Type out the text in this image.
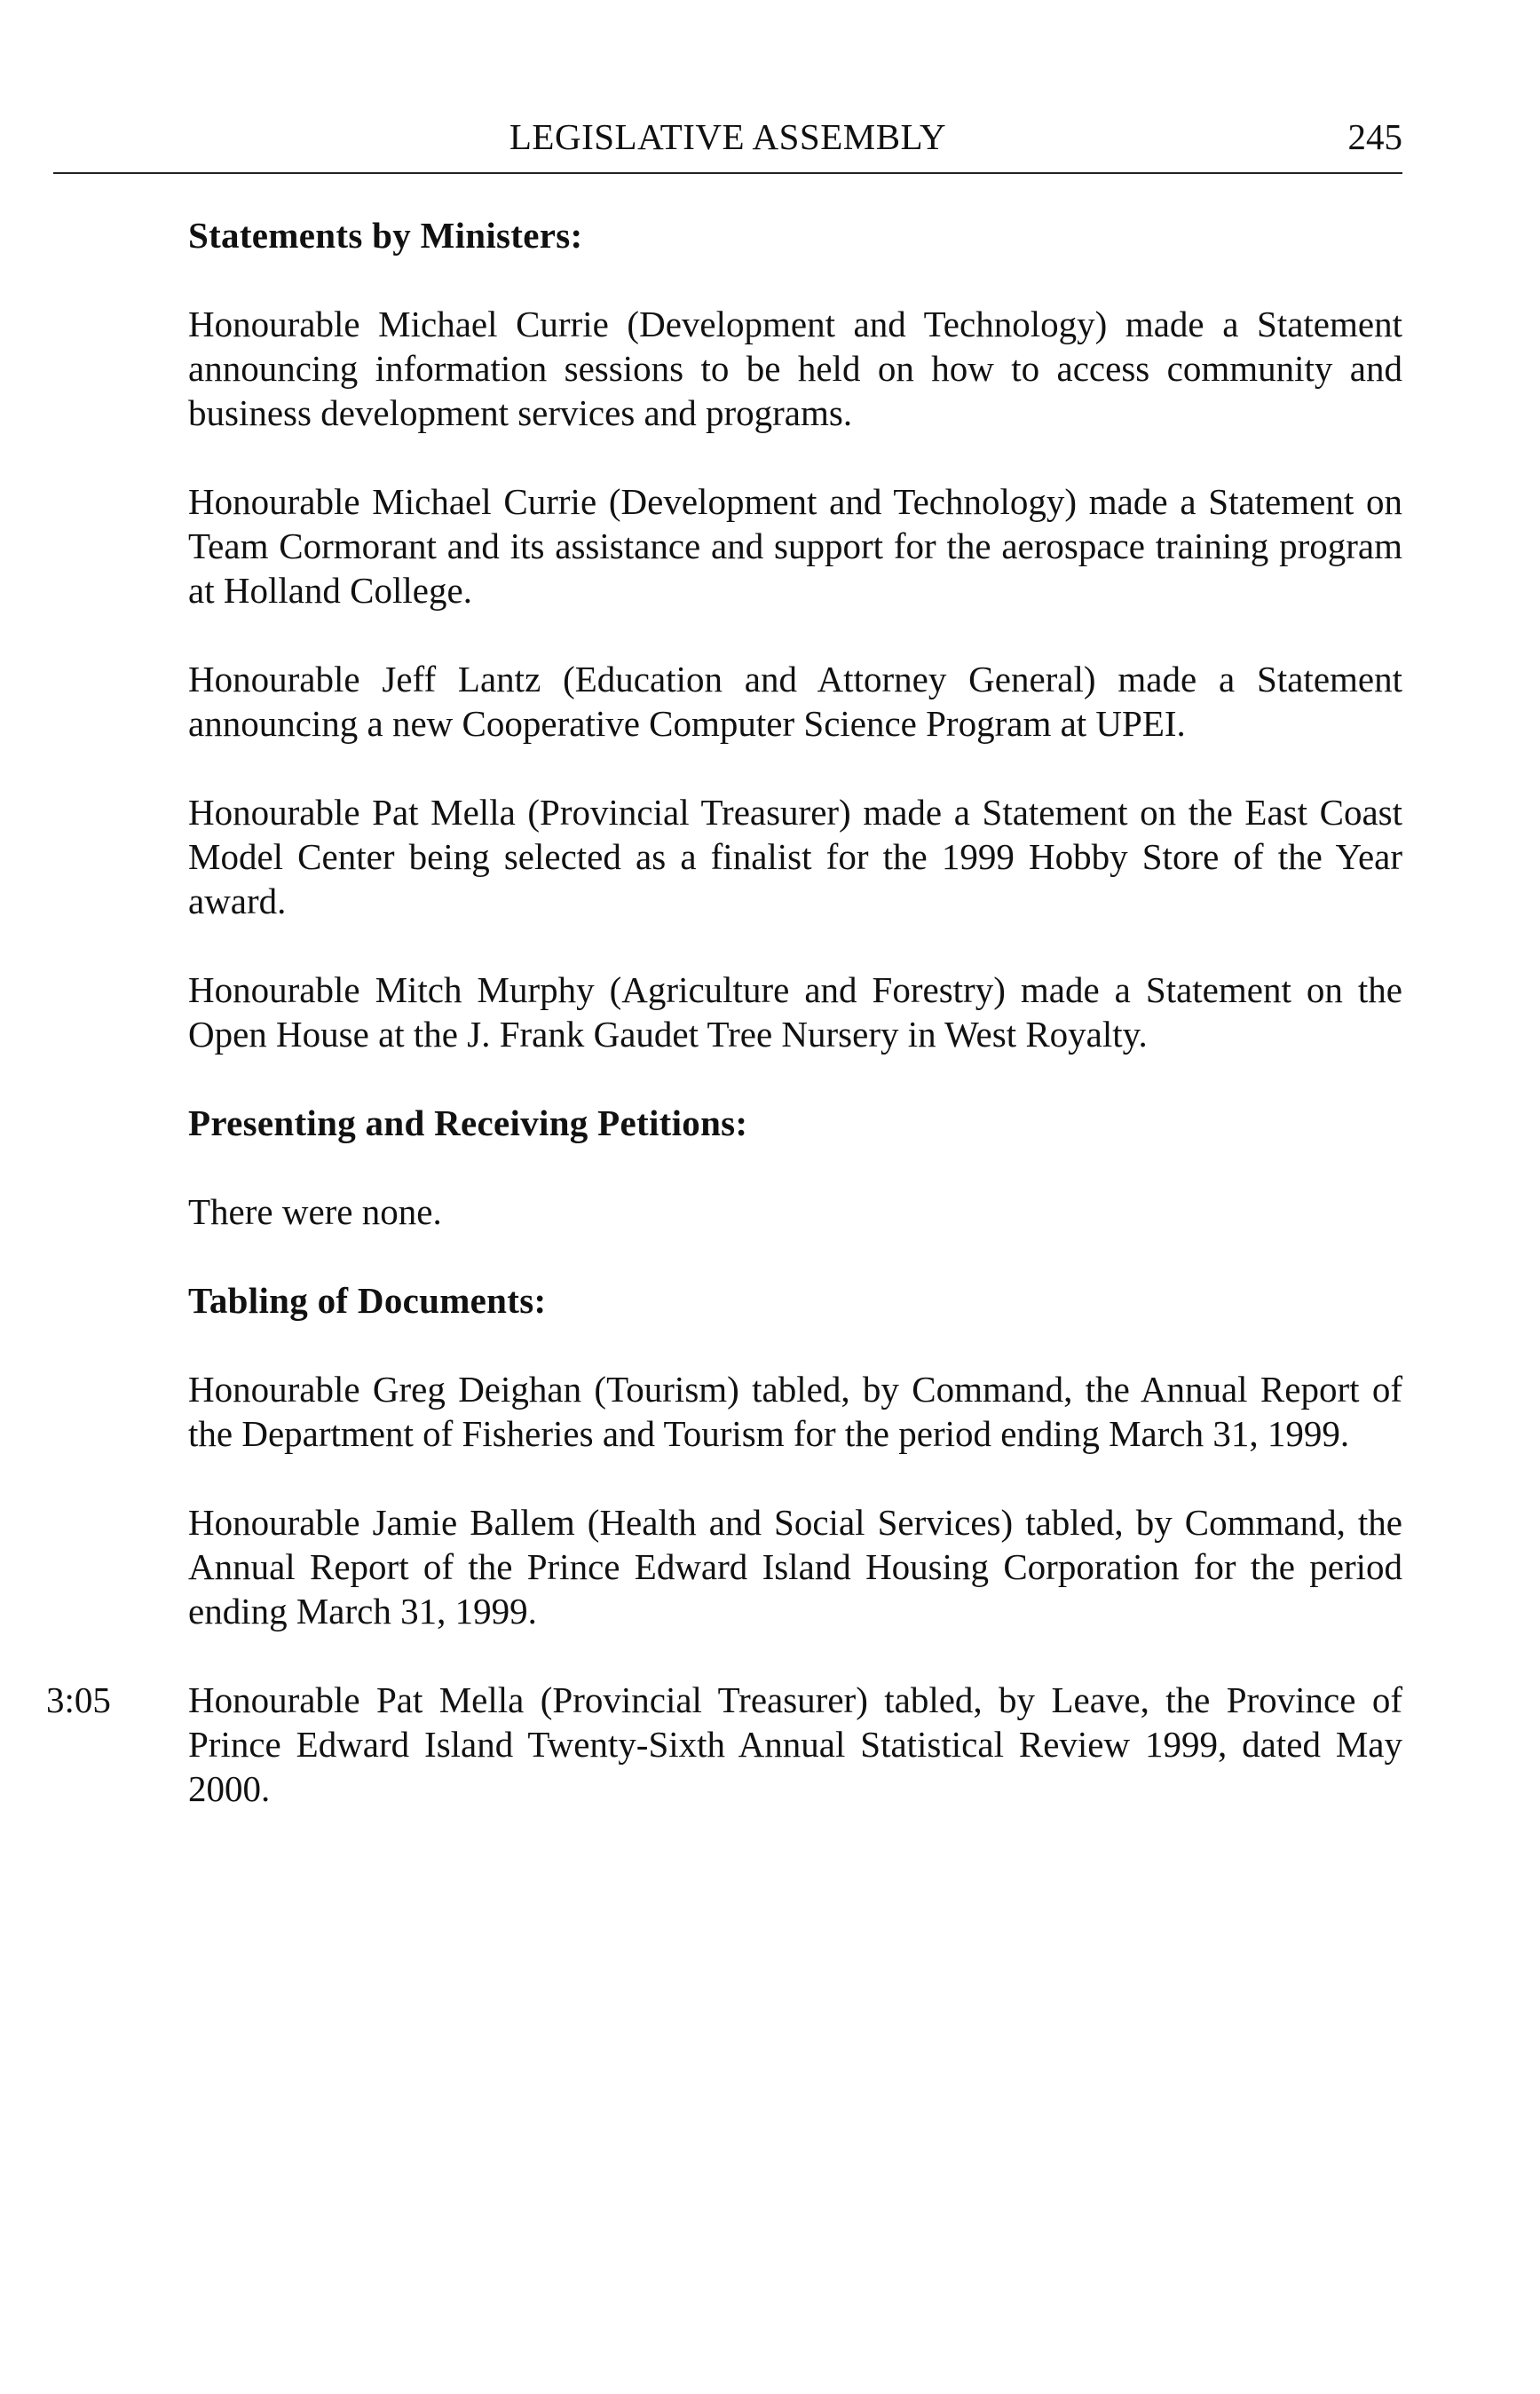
LEGISLATIVE ASSEMBLY	245
Statements by Ministers:

Honourable Michael Currie (Development and Technology) made a Statement announcing information sessions to be held on how to access community and business development services and programs.

Honourable Michael Currie (Development and Technology) made a Statement on Team Cormorant and its assistance and support for the aerospace training program at Holland College.

Honourable Jeff Lantz (Education and Attorney General) made a Statement announcing a new Cooperative Computer Science Program at UPEI.

Honourable Pat Mella (Provincial Treasurer) made a Statement on the East Coast Model Center being selected as a finalist for the 1999 Hobby Store of the Year award.

Honourable Mitch Murphy (Agriculture and Forestry) made a Statement on the Open House at the J. Frank Gaudet Tree Nursery in West Royalty.

Presenting and Receiving Petitions:

There were none.

Tabling of Documents:

Honourable Greg Deighan (Tourism) tabled, by Command, the Annual Report of the Department of Fisheries and Tourism for the period ending March 31, 1999.

Honourable Jamie Ballem (Health and Social Services) tabled, by Command, the Annual Report of the Prince Edward Island Housing Corporation for the period ending March 31, 1999.

3:05 Honourable Pat Mella (Provincial Treasurer) tabled, by Leave, the Province of Prince Edward Island Twenty-Sixth Annual Statistical Review 1999, dated May 2000.
